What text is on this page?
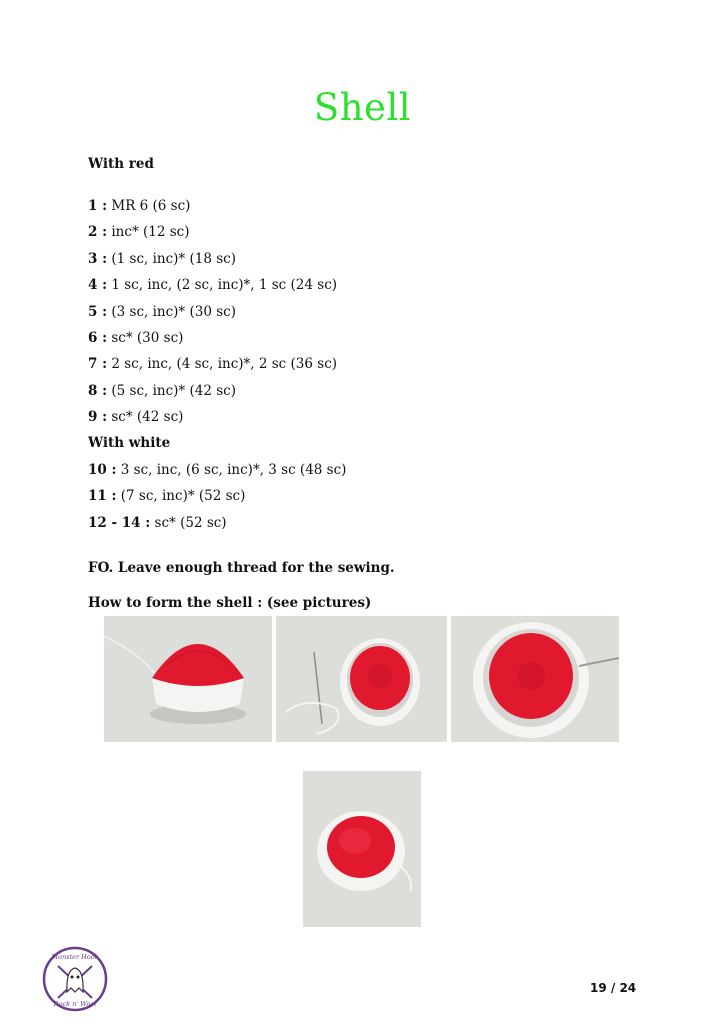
Shell
With red
1 : MR 6 (6 sc)
2 : inc* (12 sc)
3 : (1 sc, inc)* (18 sc)
4 : 1 sc, inc, (2 sc, inc)*, 1 sc (24 sc)
5 : (3 sc, inc)* (30 sc)
6 : sc* (30 sc)
7 : 2 sc, inc, (4 sc, inc)*, 2 sc (36 sc)
8 : (5 sc, inc)* (42 sc)
9 : sc* (42 sc)
With white
10 : 3 sc, inc, (6 sc, inc)*, 3 sc (48 sc)
11 : (7 sc, inc)* (52 sc)
12 - 14 : sc* (52 sc)
FO. Leave enough thread for the sewing.
How to form the shell : (see pictures)
Monster Hook
Rock n' Wool
19 / 24
